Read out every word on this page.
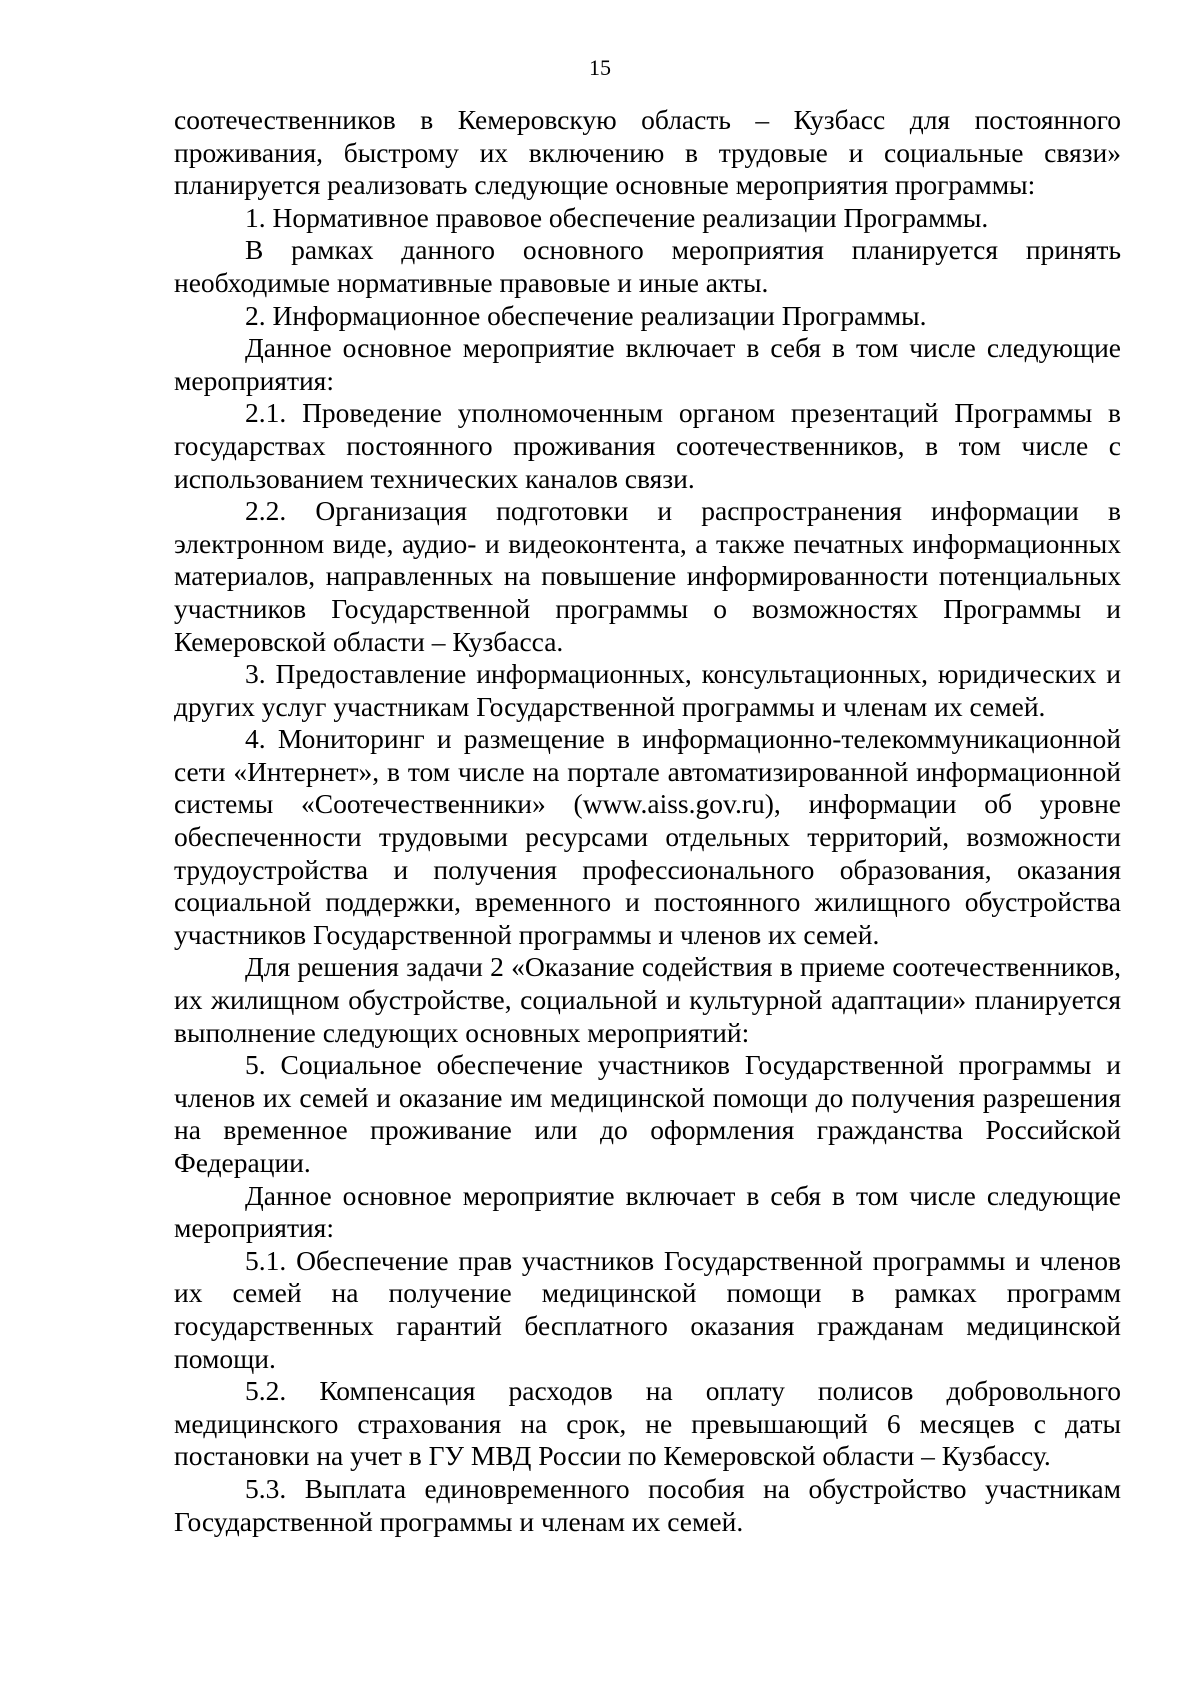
15

соотечественников в Кемеровскую область – Кузбасс для постоянного проживания, быстрому их включению в трудовые и социальные связи» планируется реализовать следующие основные мероприятия программы:

1. Нормативное правовое обеспечение реализации Программы.

В рамках данного основного мероприятия планируется принять необходимые нормативные правовые и иные акты.

2. Информационное обеспечение реализации Программы.

Данное основное мероприятие включает в себя в том числе следующие мероприятия:

2.1. Проведение уполномоченным органом презентаций Программы в государствах постоянного проживания соотечественников, в том числе с использованием технических каналов связи.

2.2. Организация подготовки и распространения информации в электронном виде, аудио- и видеоконтента, а также печатных информационных материалов, направленных на повышение информированности потенциальных участников Государственной программы о возможностях Программы и Кемеровской области – Кузбасса.

3. Предоставление информационных, консультационных, юридических и других услуг участникам Государственной программы и членам их семей.

4. Мониторинг и размещение в информационно-телекоммуникационной сети «Интернет», в том числе на портале автоматизированной информационной системы «Соотечественники» (www.aiss.gov.ru), информации об уровне обеспеченности трудовыми ресурсами отдельных территорий, возможности трудоустройства и получения профессионального образования, оказания социальной поддержки, временного и постоянного жилищного обустройства участников Государственной программы и членов их семей.

Для решения задачи 2 «Оказание содействия в приеме соотечественников, их жилищном обустройстве, социальной и культурной адаптации» планируется выполнение следующих основных мероприятий:

5. Социальное обеспечение участников Государственной программы и членов их семей и оказание им медицинской помощи до получения разрешения на временное проживание или до оформления гражданства Российской Федерации.

Данное основное мероприятие включает в себя в том числе следующие мероприятия:

5.1. Обеспечение прав участников Государственной программы и членов их семей на получение медицинской помощи в рамках программ государственных гарантий бесплатного оказания гражданам медицинской помощи.

5.2. Компенсация расходов на оплату полисов добровольного медицинского страхования на срок, не превышающий 6 месяцев с даты постановки на учет в ГУ МВД России по Кемеровской области – Кузбассу.

5.3. Выплата единовременного пособия на обустройство участникам Государственной программы и членам их семей.
